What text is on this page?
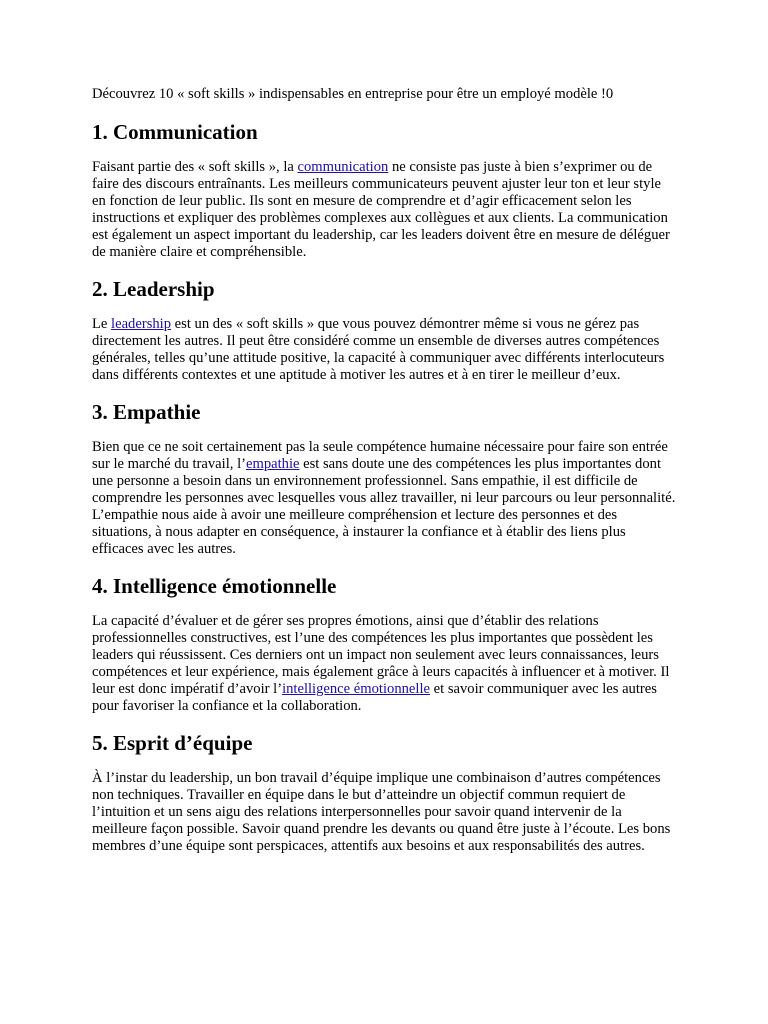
Découvrez 10 « soft skills » indispensables en entreprise pour être un employé modèle !0

1. Communication

Faisant partie des « soft skills », la communication ne consiste pas juste à bien s’exprimer ou de faire des discours entraînants. Les meilleurs communicateurs peuvent ajuster leur ton et leur style en fonction de leur public. Ils sont en mesure de comprendre et d’agir efficacement selon les instructions et expliquer des problèmes complexes aux collègues et aux clients. La communication est également un aspect important du leadership, car les leaders doivent être en mesure de déléguer de manière claire et compréhensible.

2. Leadership

Le leadership est un des « soft skills » que vous pouvez démontrer même si vous ne gérez pas directement les autres. Il peut être considéré comme un ensemble de diverses autres compétences générales, telles qu’une attitude positive, la capacité à communiquer avec différents interlocuteurs dans différents contextes et une aptitude à motiver les autres et à en tirer le meilleur d’eux.

3. Empathie

Bien que ce ne soit certainement pas la seule compétence humaine nécessaire pour faire son entrée sur le marché du travail, l’empathie est sans doute une des compétences les plus importantes dont une personne a besoin dans un environnement professionnel. Sans empathie, il est difficile de comprendre les personnes avec lesquelles vous allez travailler, ni leur parcours ou leur personnalité. L’empathie nous aide à avoir une meilleure compréhension et lecture des personnes et des situations, à nous adapter en conséquence, à instaurer la confiance et à établir des liens plus efficaces avec les autres.

4. Intelligence émotionnelle

La capacité d’évaluer et de gérer ses propres émotions, ainsi que d’établir des relations professionnelles constructives, est l’une des compétences les plus importantes que possèdent les leaders qui réussissent. Ces derniers ont un impact non seulement avec leurs connaissances, leurs compétences et leur expérience, mais également grâce à leurs capacités à influencer et à motiver. Il leur est donc impératif d’avoir l’intelligence émotionnelle et savoir communiquer avec les autres pour favoriser la confiance et la collaboration.

5. Esprit d’équipe

À l’instar du leadership, un bon travail d’équipe implique une combinaison d’autres compétences non techniques. Travailler en équipe dans le but d’atteindre un objectif commun requiert de l’intuition et un sens aigu des relations interpersonnelles pour savoir quand intervenir de la meilleure façon possible. Savoir quand prendre les devants ou quand être juste à l’écoute. Les bons membres d’une équipe sont perspicaces, attentifs aux besoins et aux responsabilités des autres.
